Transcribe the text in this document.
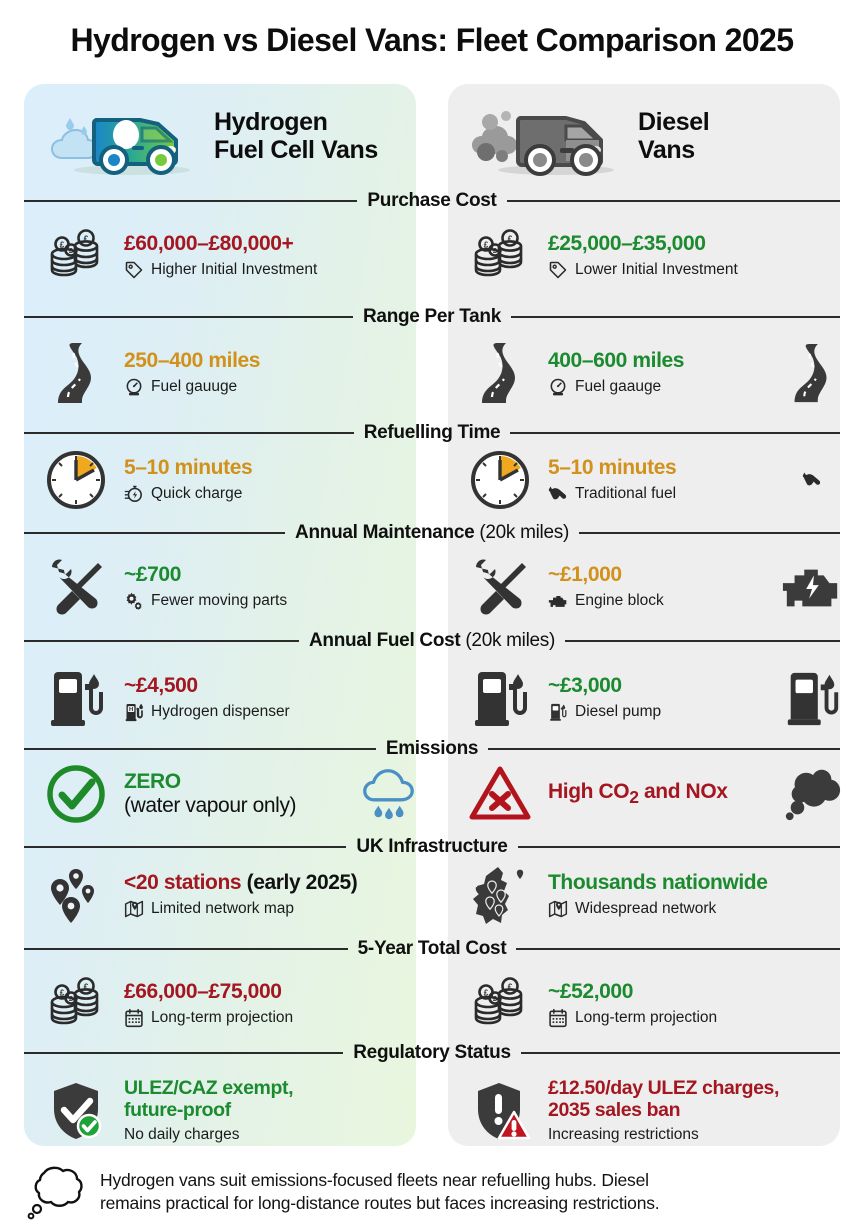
Hydrogen vs Diesel Vans: Fleet Comparison 2025
Hydrogen
Fuel Cell Vans
Diesel
Vans
Purchase Cost
£
£
£ £60,000–£80,000+
Higher Initial Investment
£
£
£ £25,000–£35,000
Lower Initial Investment
Range Per Tank
250–400 miles
Fuel gauuge
400–600 miles
Fuel gaauge
Refuelling Time
5–10 minutes
Quick charge
5–10 minutes
Traditional fuel
Annual Maintenance (20k miles)
~£700
Fewer moving parts
~£1,000
Engine block
Annual Fuel Cost (20k miles)
~£4,500
H Hydrogen dispenser
~£3,000
Diesel pump
Emissions
ZERO
(water vapour only)
High $CO_2$ and NOx
UK Infrastructure
<20 stations (early 2025)
Limited network map
Thousands nationwide
Widespread network
5-Year Total Cost
£
£
£ £66,000–£75,000
Long-term projection
£
£
£ ~£52,000
Long-term projection
Regulatory Status
ULEZ/CAZ exempt,
future-proof
No daily charges
£12.50/day ULEZ charges,
2035 sales ban
Increasing restrictions
Hydrogen vans suit emissions-focused fleets near refuelling hubs. Diesel
remains practical for long-distance routes but faces increasing restrictions.
